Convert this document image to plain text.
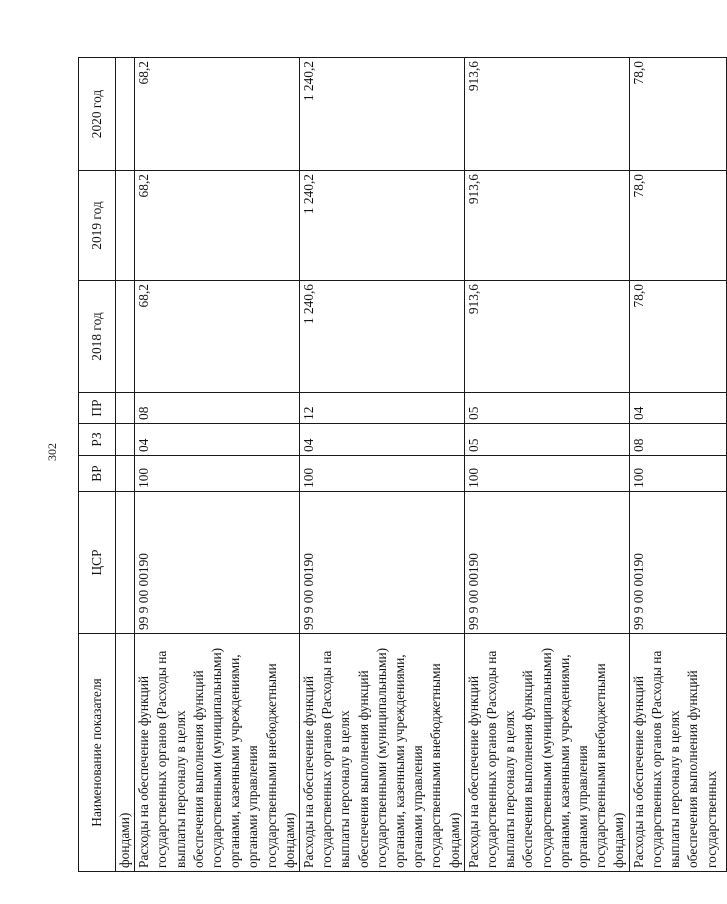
302
Наименование показателя	ЦСР	ВР	РЗ	ПР	2018 год	2019 год	2020 год
фондами)							
Расходы на обеспечение функций государственных органов (Расходы на выплаты персоналу в целях обеспечения выполнения функций государственными (муниципальными) органами, казенными учреждениями, органами управления государственными внебюджетными фондами)	99 9 00 00190	100	04	08	68,2	68,2	68,2
Расходы на обеспечение функций государственных органов (Расходы на выплаты персоналу в целях обеспечения выполнения функций государственными (муниципальными) органами, казенными учреждениями, органами управления государственными внебюджетными фондами)	99 9 00 00190	100	04	12	1 240,6	1 240,2	1 240,2
Расходы на обеспечение функций государственных органов (Расходы на выплаты персоналу в целях обеспечения выполнения функций государственными (муниципальными) органами, казенными учреждениями, органами управления государственными внебюджетными фондами)	99 9 00 00190	100	05	05	913,6	913,6	913,6
Расходы на обеспечение функций государственных органов (Расходы на выплаты персоналу в целях обеспечения выполнения функций государственных	99 9 00 00190	100	08	04	78,0	78,0	78,0
